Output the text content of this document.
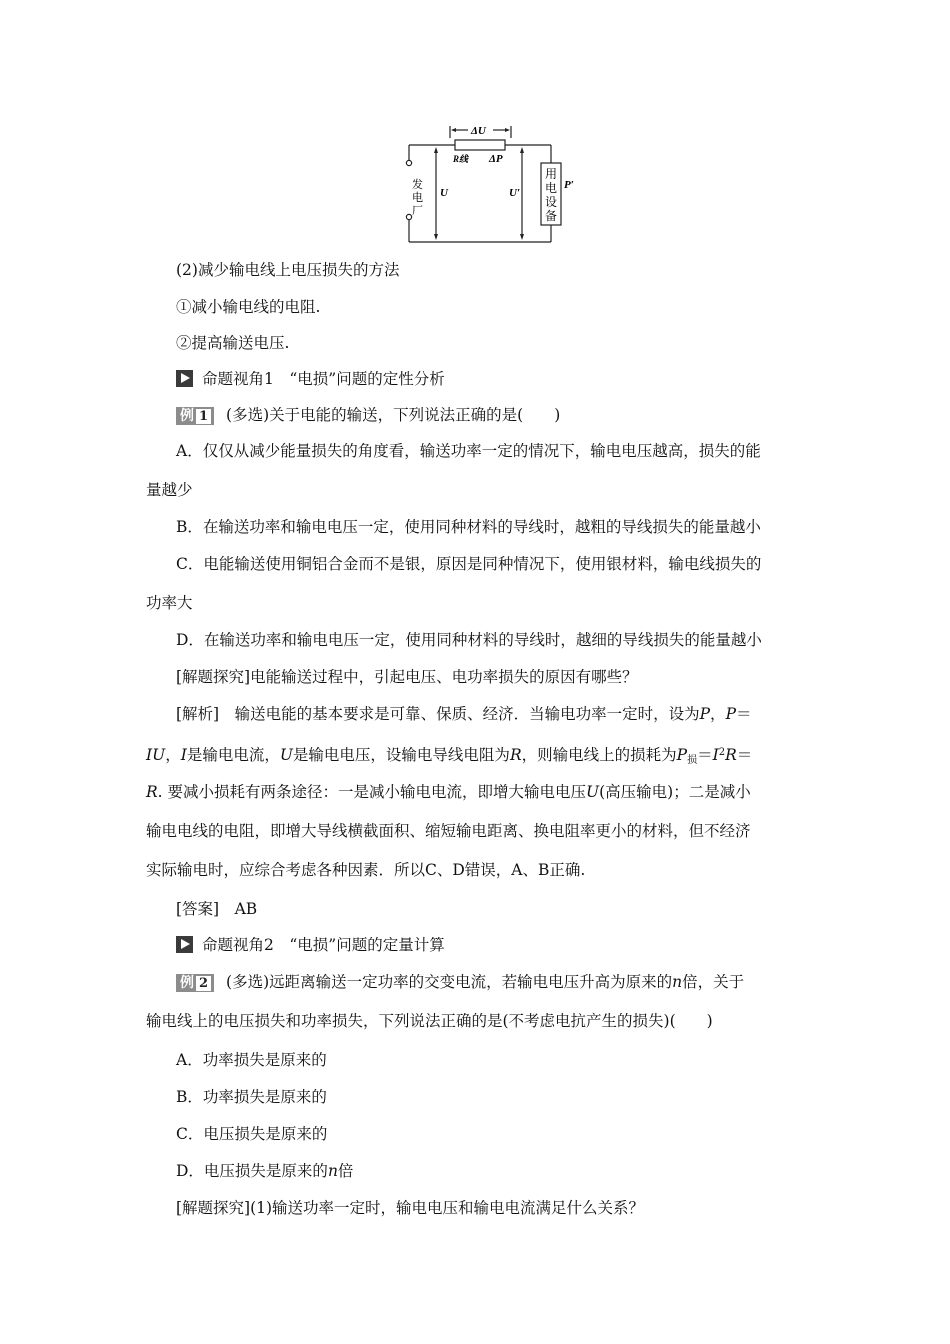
ΔU
R线 ΔP
U	U′
P′
发
电
厂
用
电
设
备
(2)减少输电线上电压损失的方法
①减小输电线的电阻.
②提高输送电压.
命题视角1　“电损”问题的定性分析
例 1 (多选)关于电能的输送，下列说法正确的是(　　)
A．仅仅从减少能量损失的角度看，输送功率一定的情况下，输电电压越高，损失的能
量越少
B．在输送功率和输电电压一定，使用同种材料的导线时，越粗的导线损失的能量越小
C．电能输送使用铜铝合金而不是银，原因是同种情况下，使用银材料，输电线损失的
功率大
D．在输送功率和输电电压一定，使用同种材料的导线时，越细的导线损失的能量越小
[解题探究]电能输送过程中，引起电压、电功率损失的原因有哪些？
[解析]　输送电能的基本要求是可靠、保质、经济．当输电功率一定时，设为P，P＝
IU，I是输电电流，U是输电电压，设输电导线电阻为R，则输电线上的损耗为$P_损=I^2R=$
R. 要减小损耗有两条途径：一是减小输电电流，即增大输电电压U(高压输电)；二是减小
输电电线的电阻，即增大导线横截面积、缩短输电距离、换电阻率更小的材料，但不经济
实际输电时，应综合考虑各种因素．所以C、D错误，A、B正确.
[答案]　AB
命题视角2　“电损”问题的定量计算
例 2 (多选)远距离输送一定功率的交变电流，若输电电压升高为原来的n倍，关于
输电线上的电压损失和功率损失，下列说法正确的是(不考虑电抗产生的损失)(　　)
A．功率损失是原来的
B．功率损失是原来的
C．电压损失是原来的
D．电压损失是原来的n倍
[解题探究](1)输送功率一定时，输电电压和输电电流满足什么关系？
